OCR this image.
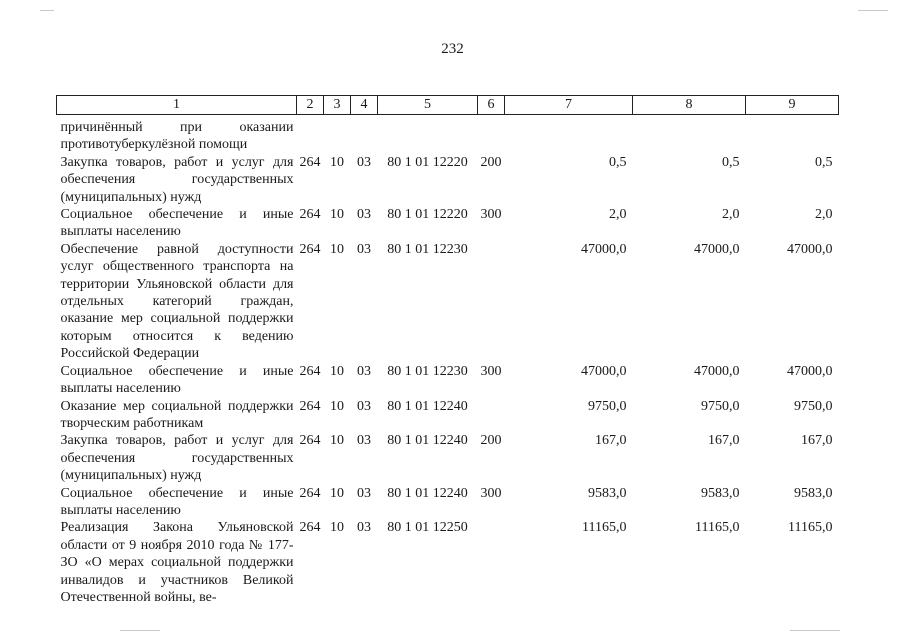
232
1	2	3	4	5	6	7	8	9

причинённый при оказании противотуберкулёзной помощи								
Закупка товаров, работ и услуг для обеспечения государственных (муниципальных) нужд	264	10	03	80 1 01 12220	200	0,5	0,5	0,5
Социальное обеспечение и иные выплаты населению	264	10	03	80 1 01 12220	300	2,0	2,0	2,0
Обеспечение равной доступности услуг общественного транспорта на территории Ульяновской области для отдельных категорий граждан, оказание мер социальной поддержки которым относится к ведению Российской Федерации	264	10	03	80 1 01 12230		47000,0	47000,0	47000,0
Социальное обеспечение и иные выплаты населению	264	10	03	80 1 01 12230	300	47000,0	47000,0	47000,0
Оказание мер социальной поддержки творческим работникам	264	10	03	80 1 01 12240		9750,0	9750,0	9750,0
Закупка товаров, работ и услуг для обеспечения государственных (муниципальных) нужд	264	10	03	80 1 01 12240	200	167,0	167,0	167,0
Социальное обеспечение и иные выплаты населению	264	10	03	80 1 01 12240	300	9583,0	9583,0	9583,0
Реализация Закона Ульяновской области от 9 ноября 2010 года № 177-ЗО «О мерах социальной поддержки инвалидов и участников Великой Отечественной войны, ве-	264	10	03	80 1 01 12250		11165,0	11165,0	11165,0
